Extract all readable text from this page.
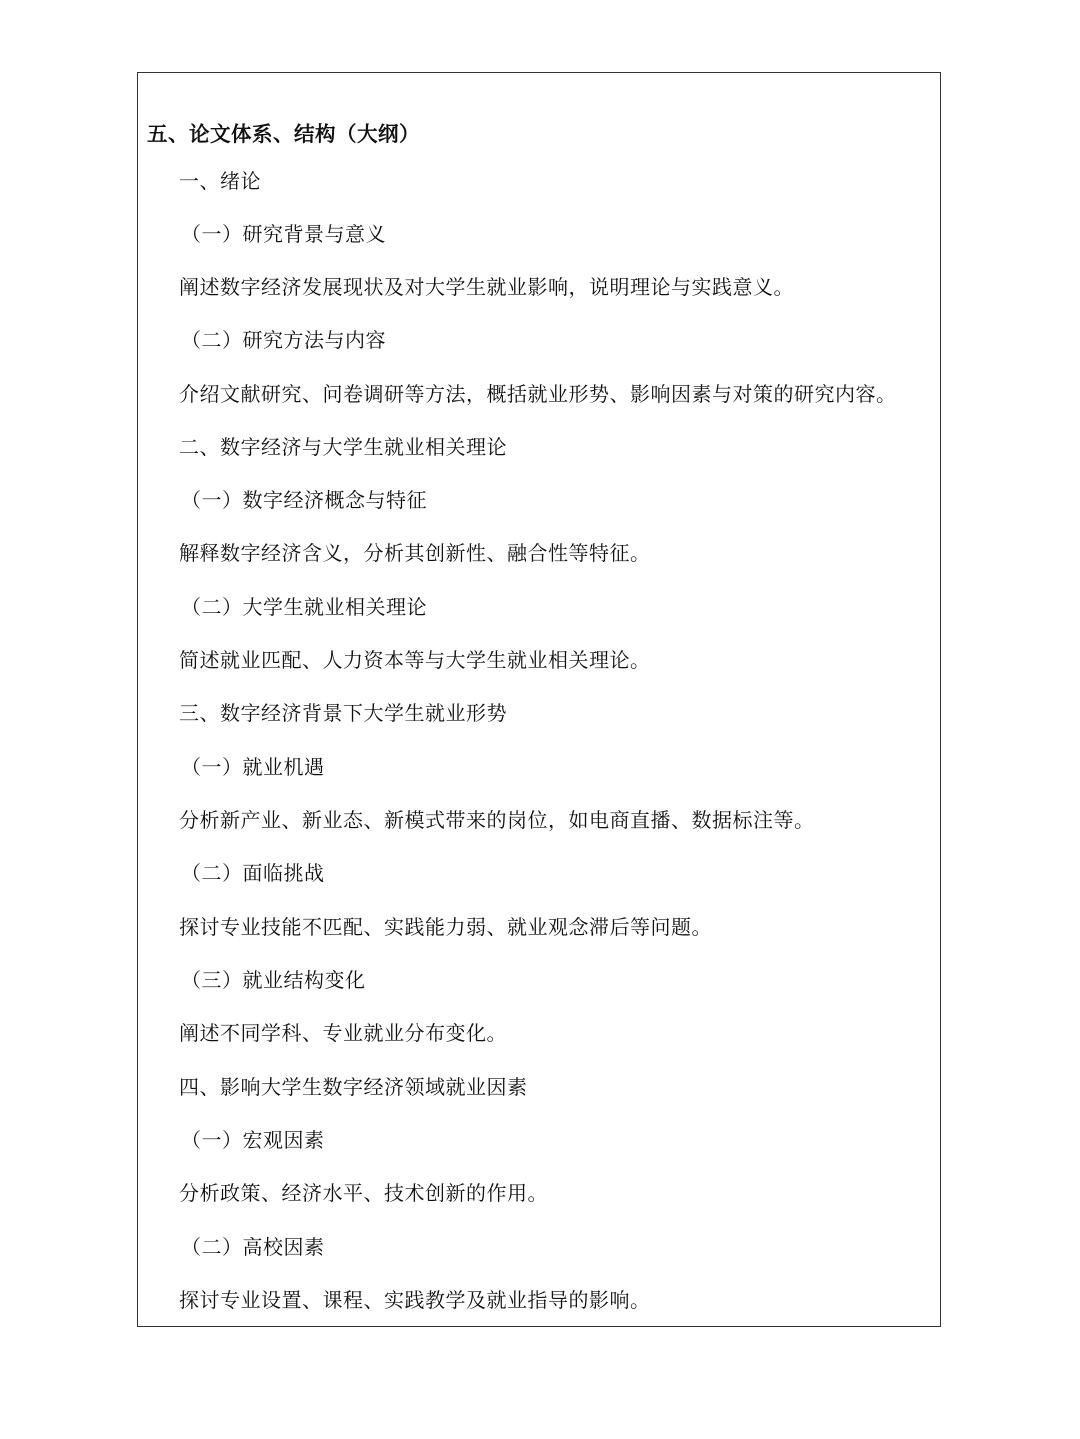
五、论文体系、结构（大纲）
一、绪论
（一）研究背景与意义
阐述数字经济发展现状及对大学生就业影响，说明理论与实践意义。
（二）研究方法与内容
介绍文献研究、问卷调研等方法，概括就业形势、影响因素与对策的研究内容。
二、数字经济与大学生就业相关理论
（一）数字经济概念与特征
解释数字经济含义，分析其创新性、融合性等特征。
（二）大学生就业相关理论
简述就业匹配、人力资本等与大学生就业相关理论。
三、数字经济背景下大学生就业形势
（一）就业机遇
分析新产业、新业态、新模式带来的岗位，如电商直播、数据标注等。
（二）面临挑战
探讨专业技能不匹配、实践能力弱、就业观念滞后等问题。
（三）就业结构变化
阐述不同学科、专业就业分布变化。
四、影响大学生数字经济领域就业因素
（一）宏观因素
分析政策、经济水平、技术创新的作用。
（二）高校因素
探讨专业设置、课程、实践教学及就业指导的影响。
